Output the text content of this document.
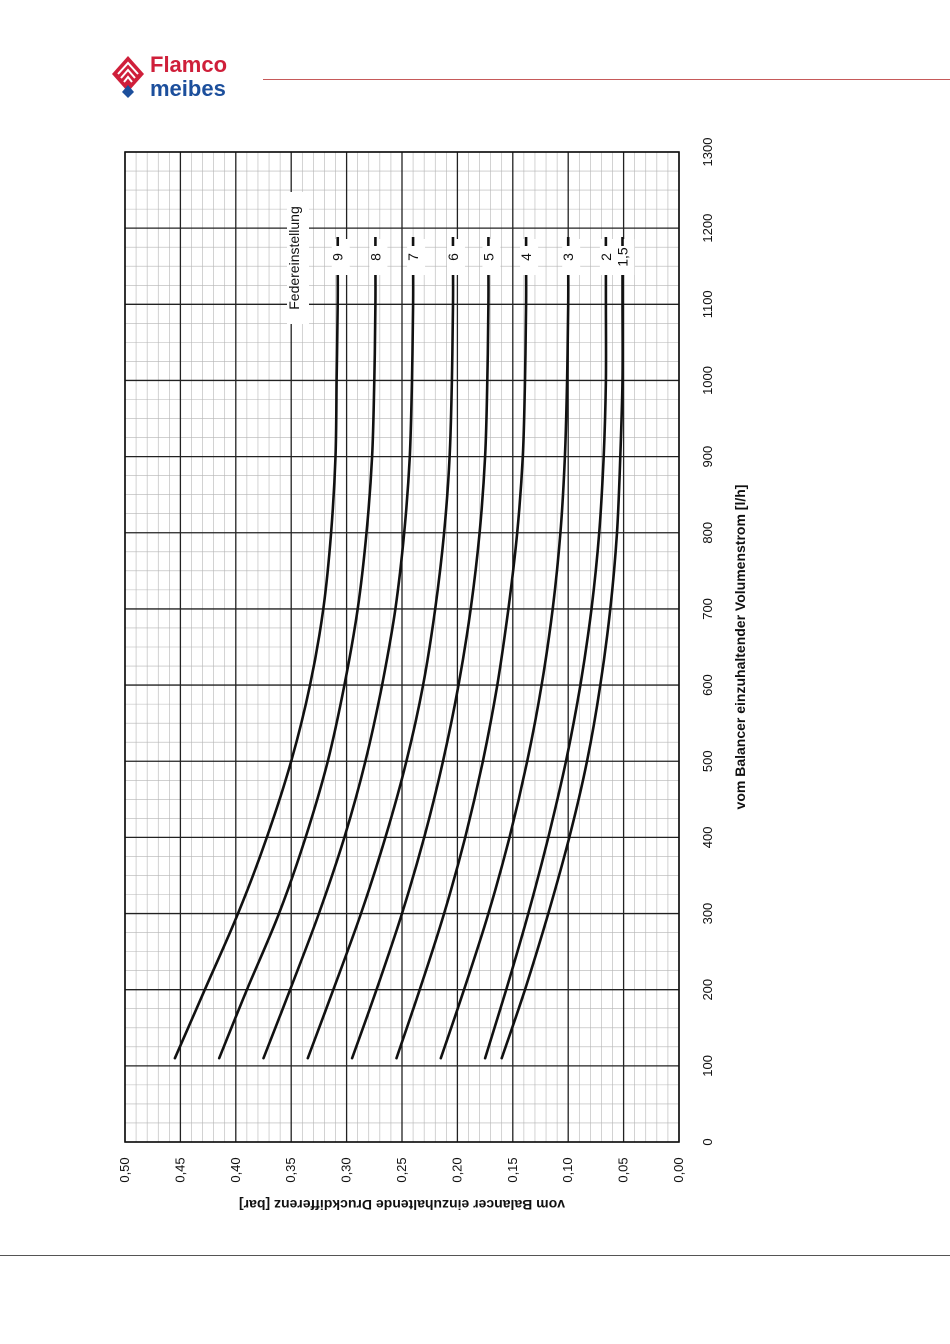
Flamco
meibes
0
100
200
300
400
500
600
700
800
900
1000
1100
1200
1300
0,00
0,05
0,10
0,15
0,20
0,25
0,30
0,35
0,40
0,45
0,50
vom Balancer einzuhaltender Volumenstrom [l/h]
vom Balancer einzuhaltende Druckdifferenz [bar]
9 8 7 6 5 4 3 2 1,5
Federeinstellung
